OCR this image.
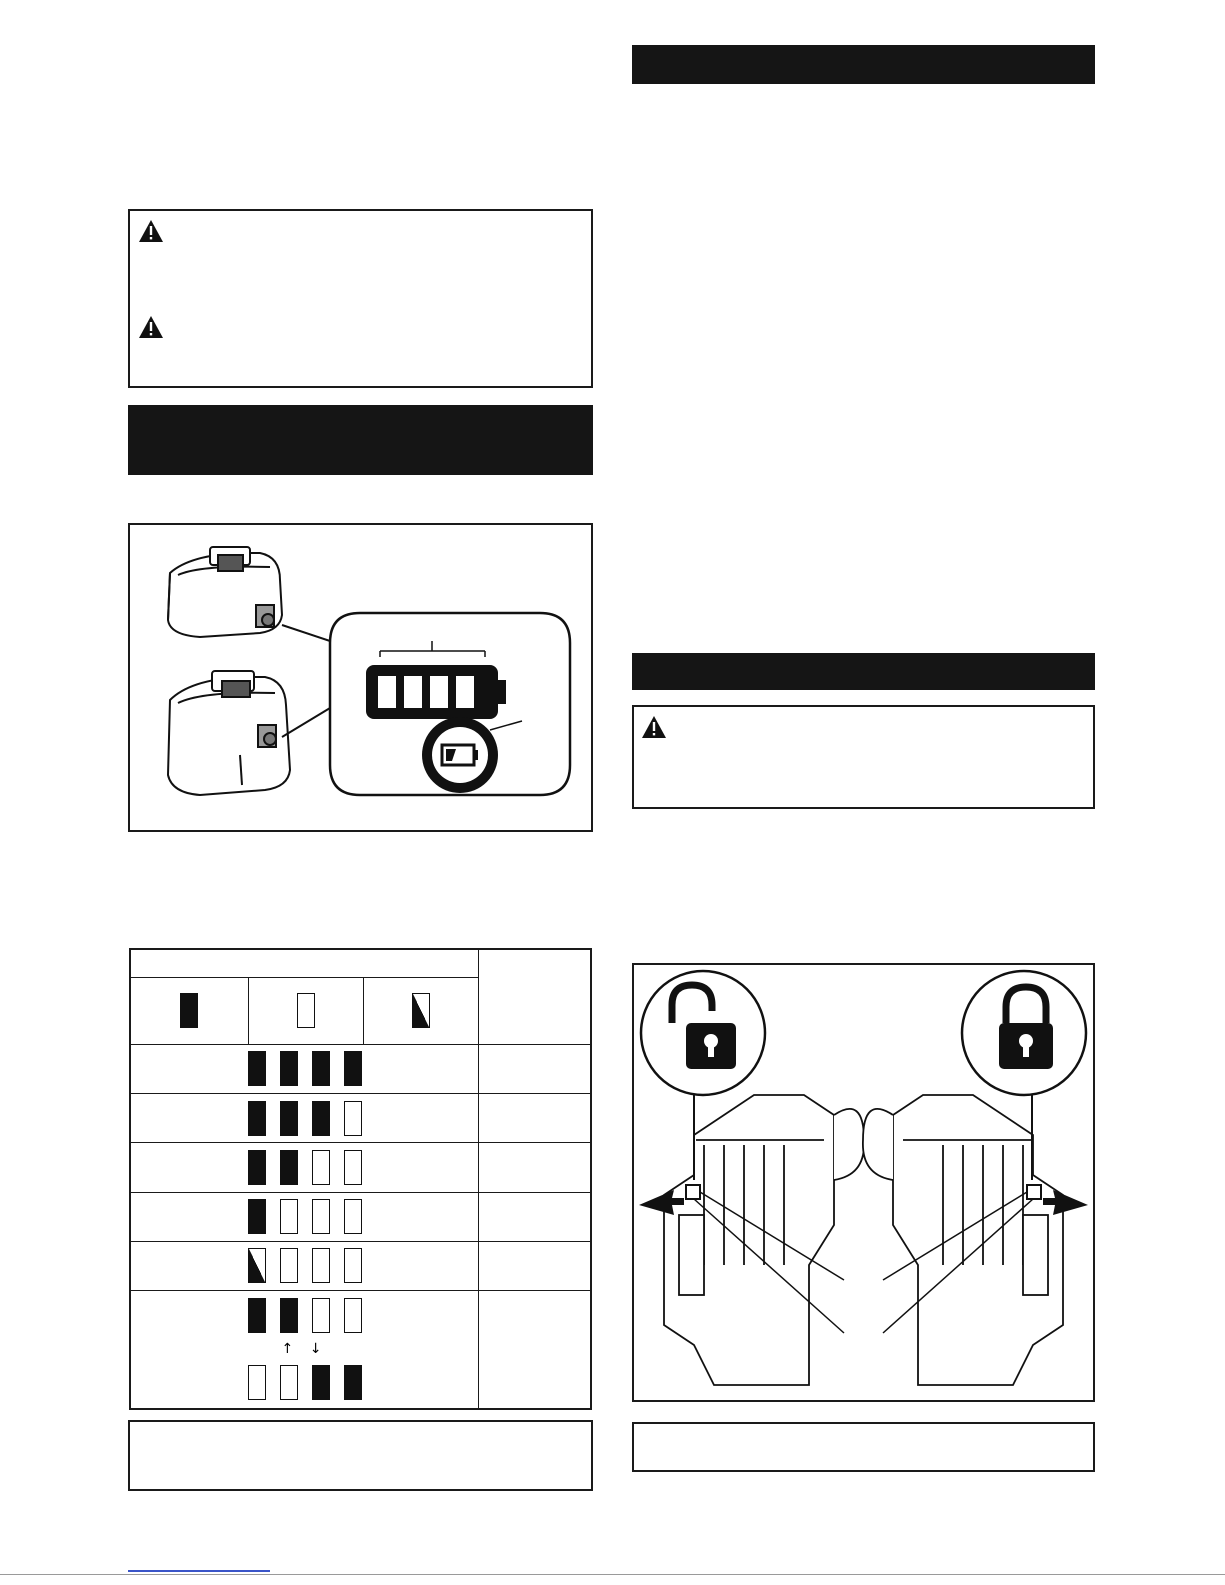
↑ ↓			
